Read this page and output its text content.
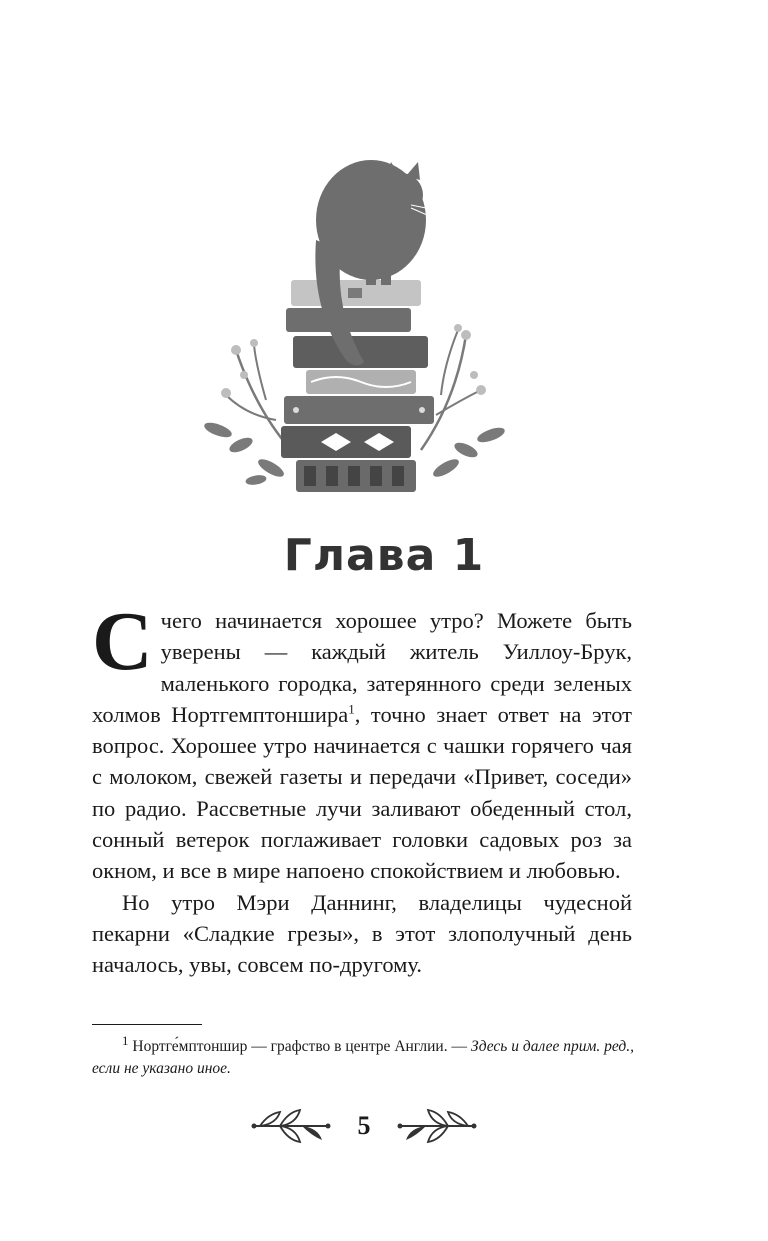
Глава 1

С чего начинается хорошее утро? Можете быть уверены — каждый житель Уиллоу-Брук, маленького городка, затерянного среди зеленых холмов Нортгемптоншира$^1$, точно знает ответ на этот вопрос. Хорошее утро начинается с чашки горячего чая с молоком, свежей газеты и передачи «Привет, соседи» по радио. Рассветные лучи заливают обеденный стол, сонный ветерок поглаживает головки садовых роз за окном, и все в мире напоено спокойствием и любовью.

Но утро Мэри Даннинг, владелицы чудесной пекарни «Сладкие грезы», в этот злополучный день началось, увы, совсем по-другому.

$^1$ Нортге́мптоншир — графство в центре Англии. — Здесь и далее прим. ред., если не указано иное.
5
